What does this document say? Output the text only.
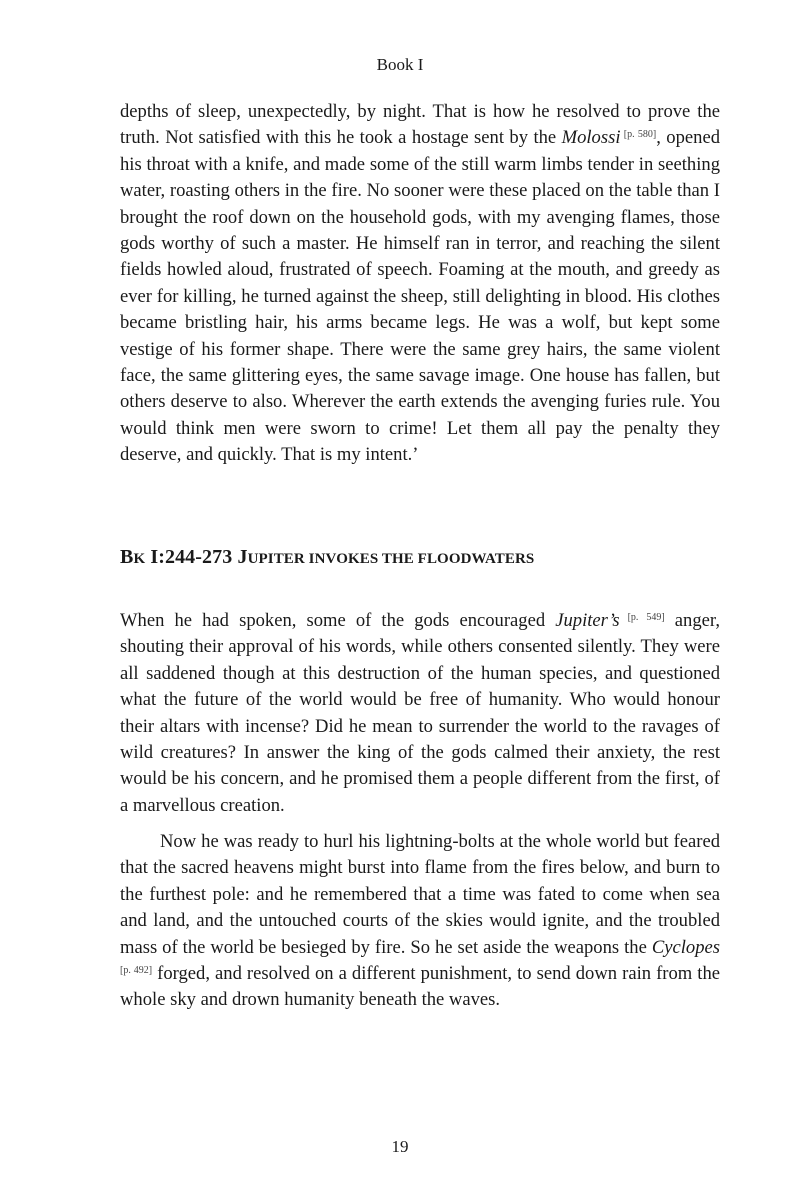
Book I

depths of sleep, unexpectedly, by night. That is how he resolved to prove the truth. Not satisfied with this he took a hostage sent by the Molossi [p. 580], opened his throat with a knife, and made some of the still warm limbs tender in seething water, roasting others in the fire. No sooner were these placed on the table than I brought the roof down on the household gods, with my avenging flames, those gods worthy of such a master. He himself ran in terror, and reaching the silent fields howled aloud, frustrated of speech. Foaming at the mouth, and greedy as ever for killing, he turned against the sheep, still delighting in blood. His clothes became bristling hair, his arms became legs. He was a wolf, but kept some vestige of his former shape. There were the same grey hairs, the same violent face, the same glittering eyes, the same savage image. One house has fallen, but others deserve to also. Wherever the earth extends the avenging furies rule. You would think men were sworn to crime! Let them all pay the penalty they deserve, and quickly. That is my intent.’

BK I:244-273 JUPITER INVOKES THE FLOODWATERS

When he had spoken, some of the gods encouraged Jupiter’s [p. 549] anger, shouting their approval of his words, while others consented silently. They were all saddened though at this destruction of the human species, and questioned what the future of the world would be free of humanity. Who would honour their altars with incense? Did he mean to surrender the world to the ravages of wild creatures? In answer the king of the gods calmed their anxiety, the rest would be his concern, and he promised them a people different from the first, of a marvellous creation.

Now he was ready to hurl his lightning-bolts at the whole world but feared that the sacred heavens might burst into flame from the fires below, and burn to the furthest pole: and he remembered that a time was fated to come when sea and land, and the untouched courts of the skies would ignite, and the troubled mass of the world be besieged by fire. So he set aside the weapons the Cyclopes [p. 492] forged, and resolved on a different punishment, to send down rain from the whole sky and drown humanity beneath the waves.

19
